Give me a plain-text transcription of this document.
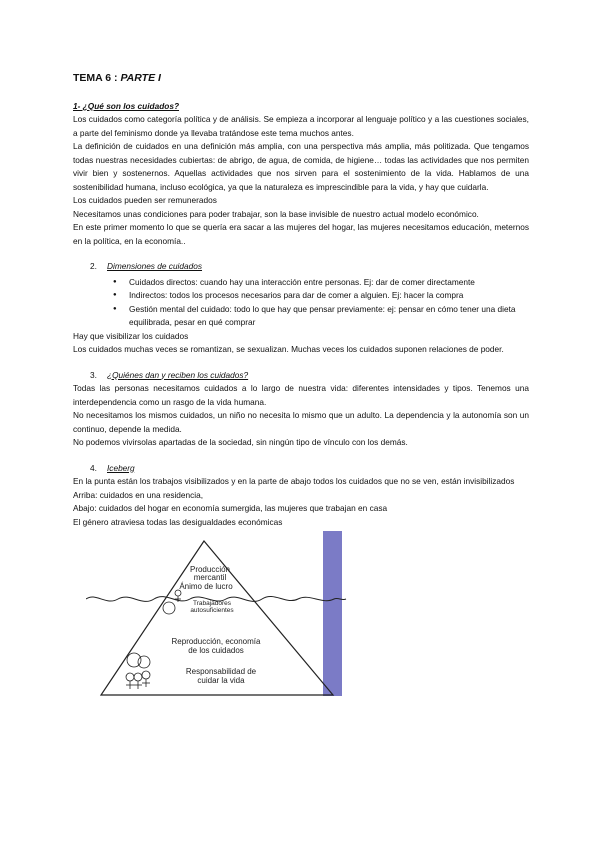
TEMA 6 : PARTE I

1- ¿Qué son los cuidados?

Los cuidados como categoría política y de análisis. Se empieza a incorporar al lenguaje político y a las cuestiones sociales, a parte del feminismo donde ya llevaba tratándose este tema muchos antes.

La definición de cuidados en una definición más amplia, con una perspectiva más amplia, más politizada. Que tengamos todas nuestras necesidades cubiertas: de abrigo, de agua, de comida, de higiene… todas las actividades que nos permiten vivir bien y sostenernos. Aquellas actividades que nos sirven para el sostenimiento de la vida. Hablamos de una sostenibilidad humana, incluso ecológica, ya que la naturaleza es imprescindible para la vida, y hay que cuidarla.

Los cuidados pueden ser remunerados

Necesitamos unas condiciones para poder trabajar, son la base invisible de nuestro actual modelo económico.

En este primer momento lo que se quería era sacar a las mujeres del hogar, las mujeres necesitamos educación, meternos en la política, en la economía..

2.	Dimensiones de cuidados
● Cuidados directos: cuando hay una interacción entre personas. Ej: dar de comer directamente
● Indirectos: todos los procesos necesarios para dar de comer a alguien. Ej: hacer la compra
● Gestión mental del cuidado: todo lo que hay que pensar previamente: ej: pensar en cómo tener una dieta equilibrada, pesar en qué comprar

Hay que visibilizar los cuidados

Los cuidados muchas veces se romantizan, se sexualizan. Muchas veces los cuidados suponen relaciones de poder.

3.	¿Quiénes dan y reciben los cuidados?

Todas las personas necesitamos cuidados a lo largo de nuestra vida: diferentes intensidades y tipos. Tenemos una interdependencia como un rasgo de la vida humana.

No necesitamos los mismos cuidados, un niño no necesita lo mismo que un adulto. La dependencia y la autonomía son un continuo, depende la medida.

No podemos vivirsolas apartadas de la sociedad, sin ningún tipo de vínculo con los demás.

4.	Iceberg

En la punta están los trabajos visibilizados y en la parte de abajo todos los cuidados que no se ven, están invisibilizados

Arriba: cuidados en una residencia,

Abajo: cuidados del hogar en economía sumergida, las mujeres que trabajan en casa

El género atraviesa todas las desigualdades económicas

Producción
mercantil
Ánimo de lucro
Trabajadores
autosuficientes
Reproducción, economía
de los cuidados
Responsabilidad de
cuidar la vida
